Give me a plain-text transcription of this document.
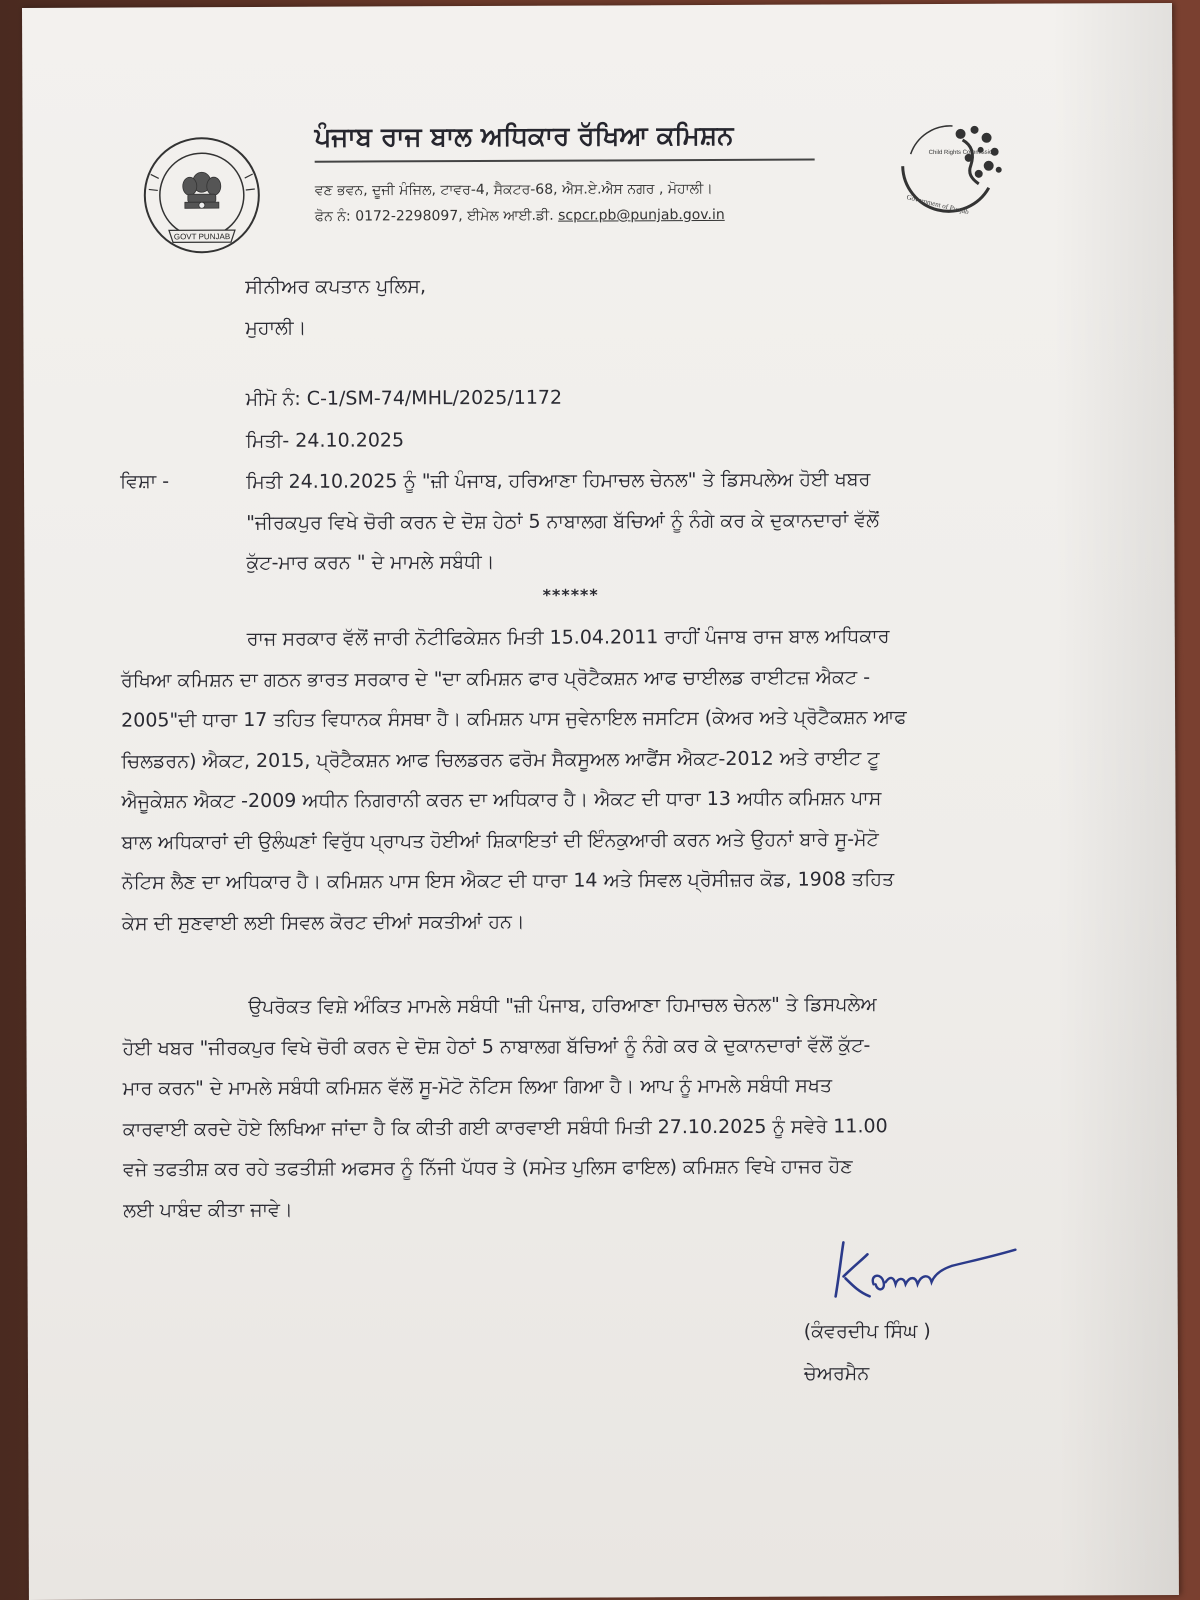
GOVT PUNJAB
ਪੰਜਾਬ ਰਾਜ ਬਾਲ ਅਧਿਕਾਰ ਰੱਖਿਆ ਕਮਿਸ਼ਨ
ਵਣ ਭਵਨ, ਦੂਜੀ ਮੰਜਿਲ, ਟਾਵਰ-4, ਸੈਕਟਰ-68, ਐਸ.ਏ.ਐਸ ਨਗਰ , ਮੋਹਾਲੀ।
ਫੋਨ ਨੰ: 0172-2298097, ਈਮੇਲ ਆਈ.ਡੀ. scpcr.pb@punjab.gov.in
Child Rights Commission
Government of Punjab
ਸੀਨੀਅਰ ਕਪਤਾਨ ਪੁਲਿਸ,
ਮੁਹਾਲੀ।
ਮੀਮੋ ਨੰ: C-1/SM-74/MHL/2025/1172
ਮਿਤੀ- 24.10.2025
ਵਿਸ਼ਾ -	ਮਿਤੀ 24.10.2025 ਨੂੰ "ਜ਼ੀ ਪੰਜਾਬ, ਹਰਿਆਣਾ ਹਿਮਾਚਲ ਚੇਨਲ" ਤੇ ਡਿਸਪਲੇਅ ਹੋਈ ਖਬਰ
"ਜੀਰਕਪੁਰ ਵਿਖੇ ਚੋਰੀ ਕਰਨ ਦੇ ਦੋਸ਼ ਹੇਠਾਂ 5 ਨਾਬਾਲਗ ਬੱਚਿਆਂ ਨੂੰ ਨੰਗੇ ਕਰ ਕੇ ਦੁਕਾਨਦਾਰਾਂ ਵੱਲੋਂ
ਕੁੱਟ-ਮਾਰ ਕਰਨ " ਦੇ ਮਾਮਲੇ ਸਬੰਧੀ।
******
ਰਾਜ ਸਰਕਾਰ ਵੱਲੋਂ ਜਾਰੀ ਨੋਟੀਫਿਕੇਸ਼ਨ ਮਿਤੀ 15.04.2011 ਰਾਹੀਂ ਪੰਜਾਬ ਰਾਜ ਬਾਲ ਅਧਿਕਾਰ
ਰੱਖਿਆ ਕਮਿਸ਼ਨ ਦਾ ਗਠਨ ਭਾਰਤ ਸਰਕਾਰ ਦੇ "ਦਾ ਕਮਿਸ਼ਨ ਫਾਰ ਪ੍ਰੋਟੈਕਸ਼ਨ ਆਫ ਚਾਈਲਡ ਰਾਈਟਜ਼ ਐਕਟ -
2005"ਦੀ ਧਾਰਾ 17 ਤਹਿਤ ਵਿਧਾਨਕ ਸੰਸਥਾ ਹੈ। ਕਮਿਸ਼ਨ ਪਾਸ ਜੁਵੇਨਾਇਲ ਜਸਟਿਸ (ਕੇਅਰ ਅਤੇ ਪ੍ਰੋਟੈਕਸ਼ਨ ਆਫ
ਚਿਲਡਰਨ) ਐਕਟ, 2015, ਪ੍ਰੋਟੈਕਸ਼ਨ ਆਫ ਚਿਲਡਰਨ ਫਰੋਮ ਸੈਕਸੂਅਲ ਆਫੈਂਸ ਐਕਟ-2012 ਅਤੇ ਰਾਈਟ ਟੂ
ਐਜੂਕੇਸ਼ਨ ਐਕਟ -2009 ਅਧੀਨ ਨਿਗਰਾਨੀ ਕਰਨ ਦਾ ਅਧਿਕਾਰ ਹੈ। ਐਕਟ ਦੀ ਧਾਰਾ 13 ਅਧੀਨ ਕਮਿਸ਼ਨ ਪਾਸ
ਬਾਲ ਅਧਿਕਾਰਾਂ ਦੀ ਉਲੰਘਣਾਂ ਵਿਰੁੱਧ ਪ੍ਰਾਪਤ ਹੋਈਆਂ ਸ਼ਿਕਾਇਤਾਂ ਦੀ ਇੰਨਕੁਆਰੀ ਕਰਨ ਅਤੇ ਉਹਨਾਂ ਬਾਰੇ ਸੂ-ਮੋਟੋ
ਨੋਟਿਸ ਲੈਣ ਦਾ ਅਧਿਕਾਰ ਹੈ। ਕਮਿਸ਼ਨ ਪਾਸ ਇਸ ਐਕਟ ਦੀ ਧਾਰਾ 14 ਅਤੇ ਸਿਵਲ ਪ੍ਰੋਸੀਜ਼ਰ ਕੋਡ, 1908 ਤਹਿਤ
ਕੇਸ ਦੀ ਸੁਣਵਾਈ ਲਈ ਸਿਵਲ ਕੋਰਟ ਦੀਆਂ ਸਕਤੀਆਂ ਹਨ।
ਉਪਰੋਕਤ ਵਿਸ਼ੇ ਅੰਕਿਤ ਮਾਮਲੇ ਸਬੰਧੀ "ਜ਼ੀ ਪੰਜਾਬ, ਹਰਿਆਣਾ ਹਿਮਾਚਲ ਚੇਨਲ" ਤੇ ਡਿਸਪਲੇਅ
ਹੋਈ ਖਬਰ "ਜੀਰਕਪੁਰ ਵਿਖੇ ਚੋਰੀ ਕਰਨ ਦੇ ਦੋਸ਼ ਹੇਠਾਂ 5 ਨਾਬਾਲਗ ਬੱਚਿਆਂ ਨੂੰ ਨੰਗੇ ਕਰ ਕੇ ਦੁਕਾਨਦਾਰਾਂ ਵੱਲੋਂ ਕੁੱਟ-
ਮਾਰ ਕਰਨ" ਦੇ ਮਾਮਲੇ ਸਬੰਧੀ ਕਮਿਸ਼ਨ ਵੱਲੋਂ ਸੂ-ਮੋਟੋ ਨੋਟਿਸ ਲਿਆ ਗਿਆ ਹੈ। ਆਪ ਨੂੰ ਮਾਮਲੇ ਸਬੰਧੀ ਸਖਤ
ਕਾਰਵਾਈ ਕਰਦੇ ਹੋਏ ਲਿਖਿਆ ਜਾਂਦਾ ਹੈ ਕਿ ਕੀਤੀ ਗਈ ਕਾਰਵਾਈ ਸਬੰਧੀ ਮਿਤੀ 27.10.2025 ਨੂੰ ਸਵੇਰੇ 11.00
ਵਜੇ ਤਫਤੀਸ਼ ਕਰ ਰਹੇ ਤਫਤੀਸ਼ੀ ਅਫਸਰ ਨੂੰ ਨਿੱਜੀ ਪੱਧਰ ਤੇ (ਸਮੇਤ ਪੁਲਿਸ ਫਾਇਲ) ਕਮਿਸ਼ਨ ਵਿਖੇ ਹਾਜਰ ਹੋਣ
ਲਈ ਪਾਬੰਦ ਕੀਤਾ ਜਾਵੇ।
(ਕੰਵਰਦੀਪ ਸਿੰਘ )
ਚੇਅਰਮੈਨ
